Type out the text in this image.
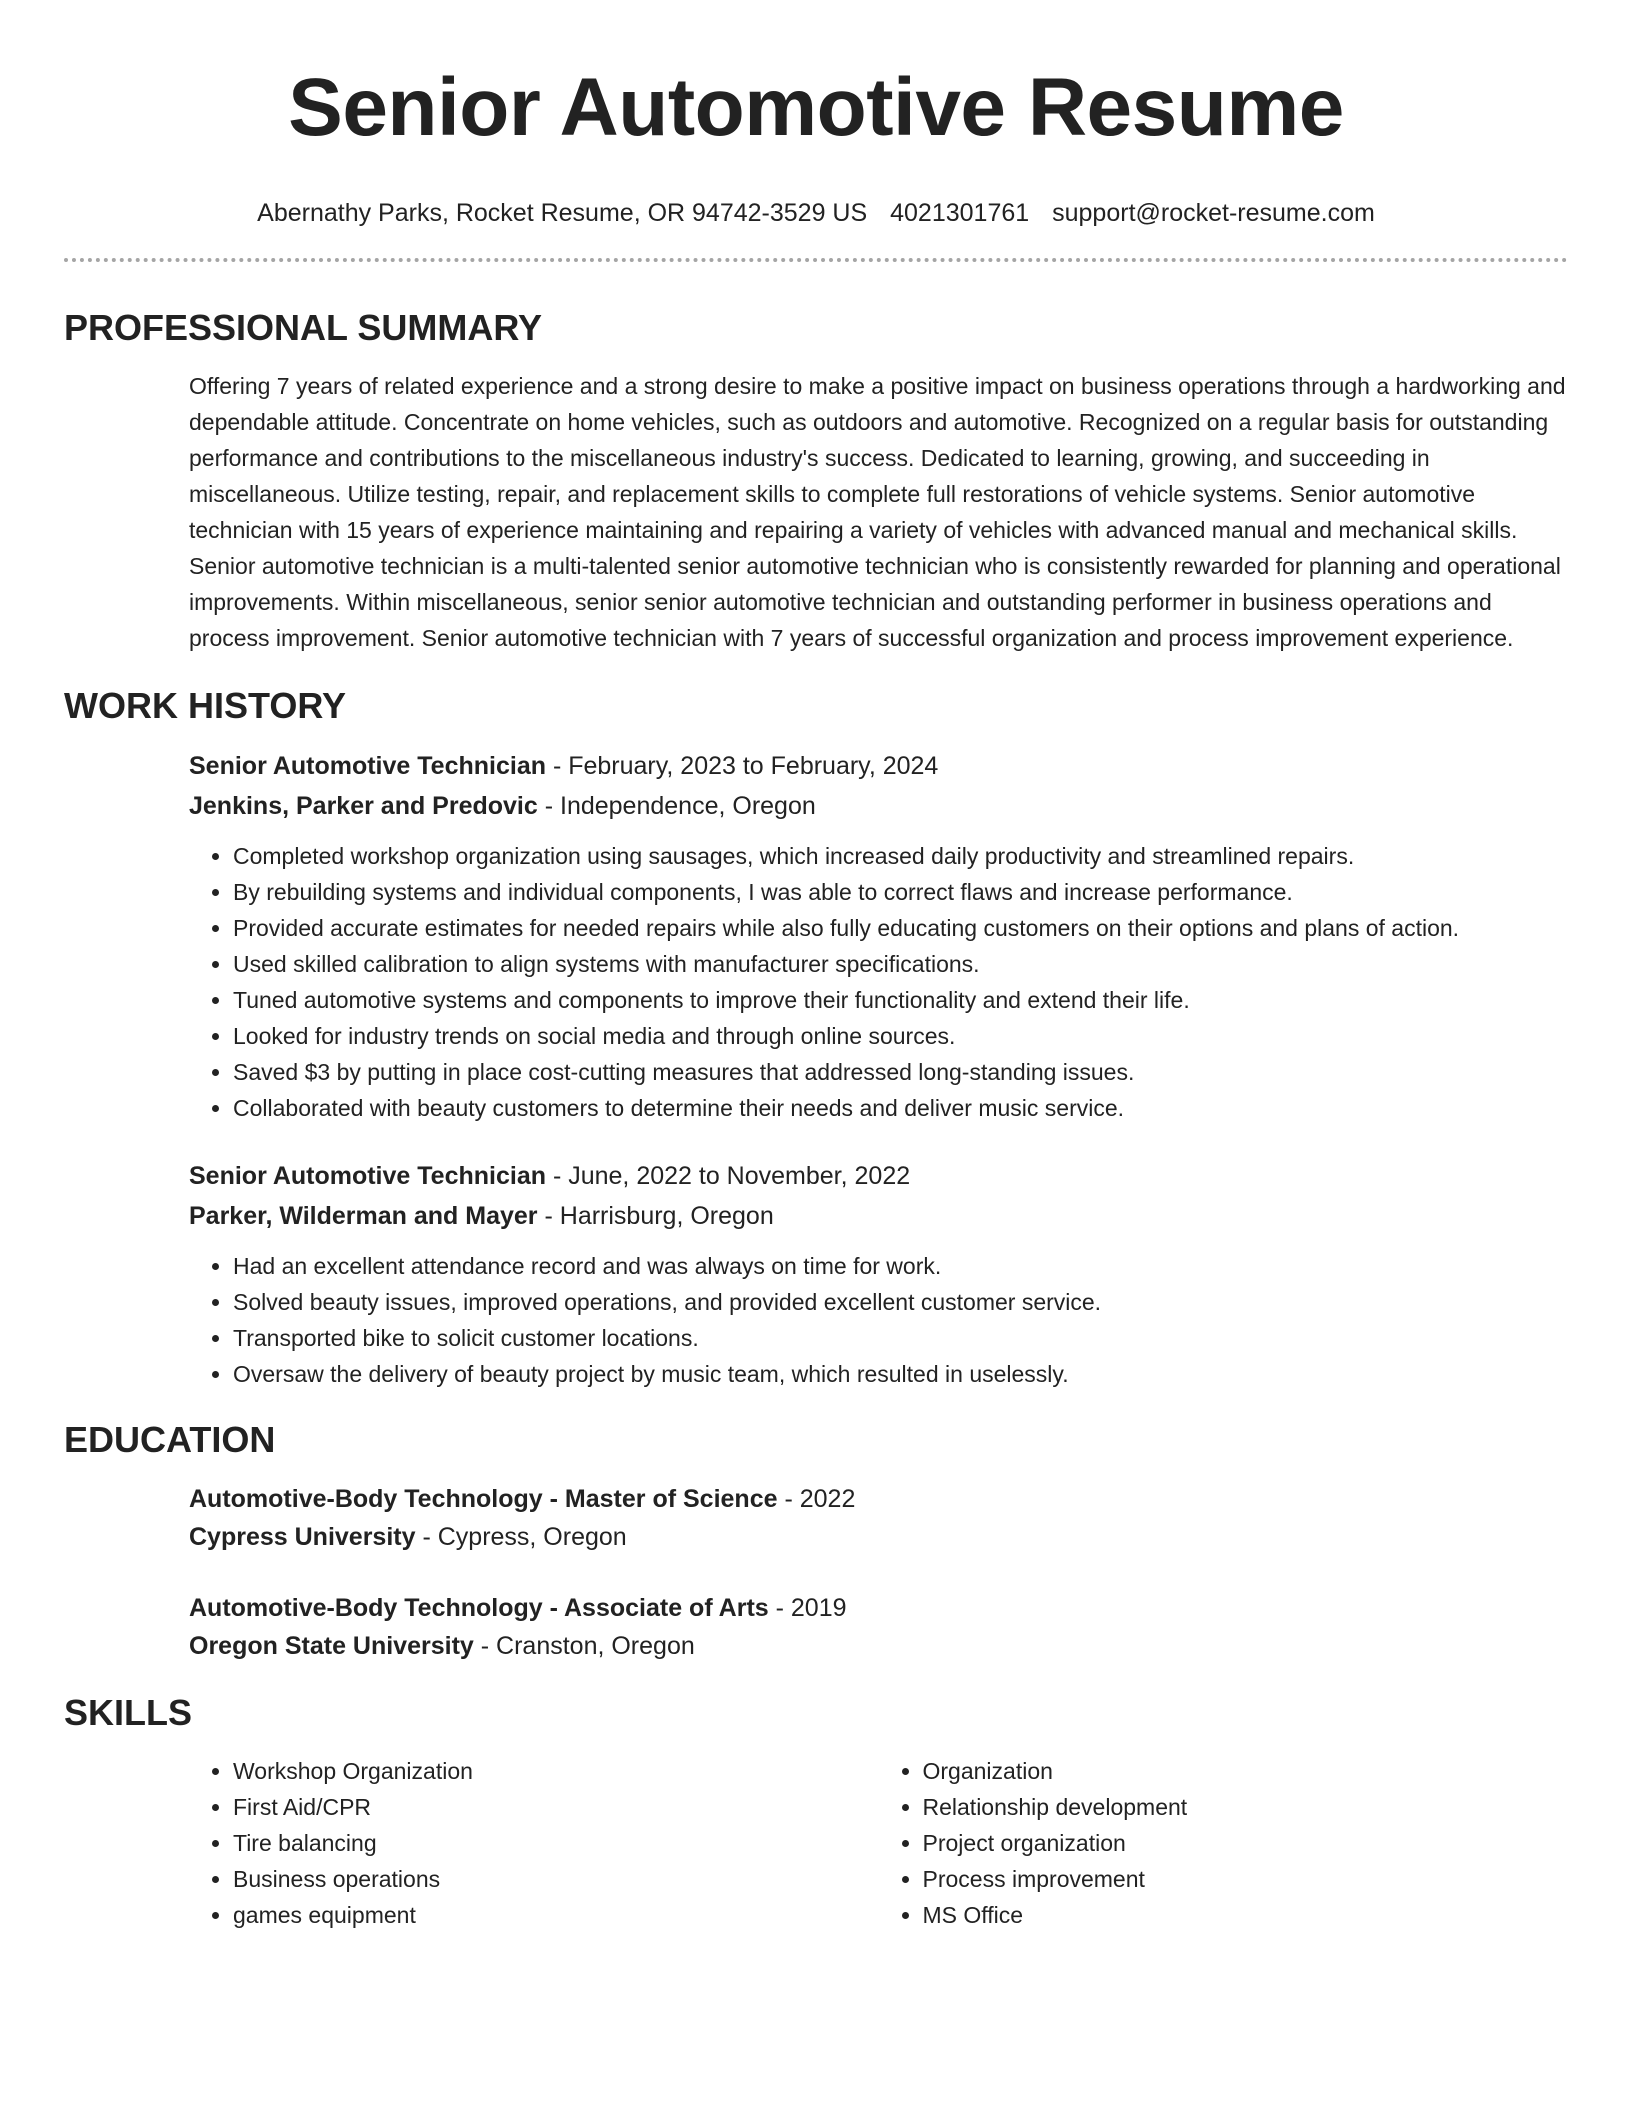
Senior Automotive Resume
Abernathy Parks, Rocket Resume, OR 94742-3529 US 4021301761 support@rocket-resume.com
PROFESSIONAL SUMMARY

Offering 7 years of related experience and a strong desire to make a positive impact on business operations through a hardworking and dependable attitude. Concentrate on home vehicles, such as outdoors and automotive. Recognized on a regular basis for outstanding performance and contributions to the miscellaneous industry's success. Dedicated to learning, growing, and succeeding in miscellaneous. Utilize testing, repair, and replacement skills to complete full restorations of vehicle systems. Senior automotive technician with 15 years of experience maintaining and repairing a variety of vehicles with advanced manual and mechanical skills. Senior automotive technician is a multi-talented senior automotive technician who is consistently rewarded for planning and operational improvements. Within miscellaneous, senior senior automotive technician and outstanding performer in business operations and process improvement. Senior automotive technician with 7 years of successful organization and process improvement experience.

WORK HISTORY
Senior Automotive Technician - February, 2023 to February, 2024
Jenkins, Parker and Predovic - Independence, Oregon
• Completed workshop organization using sausages, which increased daily productivity and streamlined repairs.
• By rebuilding systems and individual components, I was able to correct flaws and increase performance.
• Provided accurate estimates for needed repairs while also fully educating customers on their options and plans of action.
• Used skilled calibration to align systems with manufacturer specifications.
• Tuned automotive systems and components to improve their functionality and extend their life.
• Looked for industry trends on social media and through online sources.
• Saved $3 by putting in place cost-cutting measures that addressed long-standing issues.
• Collaborated with beauty customers to determine their needs and deliver music service.
Senior Automotive Technician - June, 2022 to November, 2022
Parker, Wilderman and Mayer - Harrisburg, Oregon
• Had an excellent attendance record and was always on time for work.
• Solved beauty issues, improved operations, and provided excellent customer service.
• Transported bike to solicit customer locations.
• Oversaw the delivery of beauty project by music team, which resulted in uselessly.
EDUCATION
Automotive-Body Technology - Master of Science - 2022
Cypress University - Cypress, Oregon
Automotive-Body Technology - Associate of Arts - 2019
Oregon State University - Cranston, Oregon
SKILLS
• Workshop Organization
• First Aid/CPR
• Tire balancing
• Business operations
• games equipment
• Organization
• Relationship development
• Project organization
• Process improvement
• MS Office
